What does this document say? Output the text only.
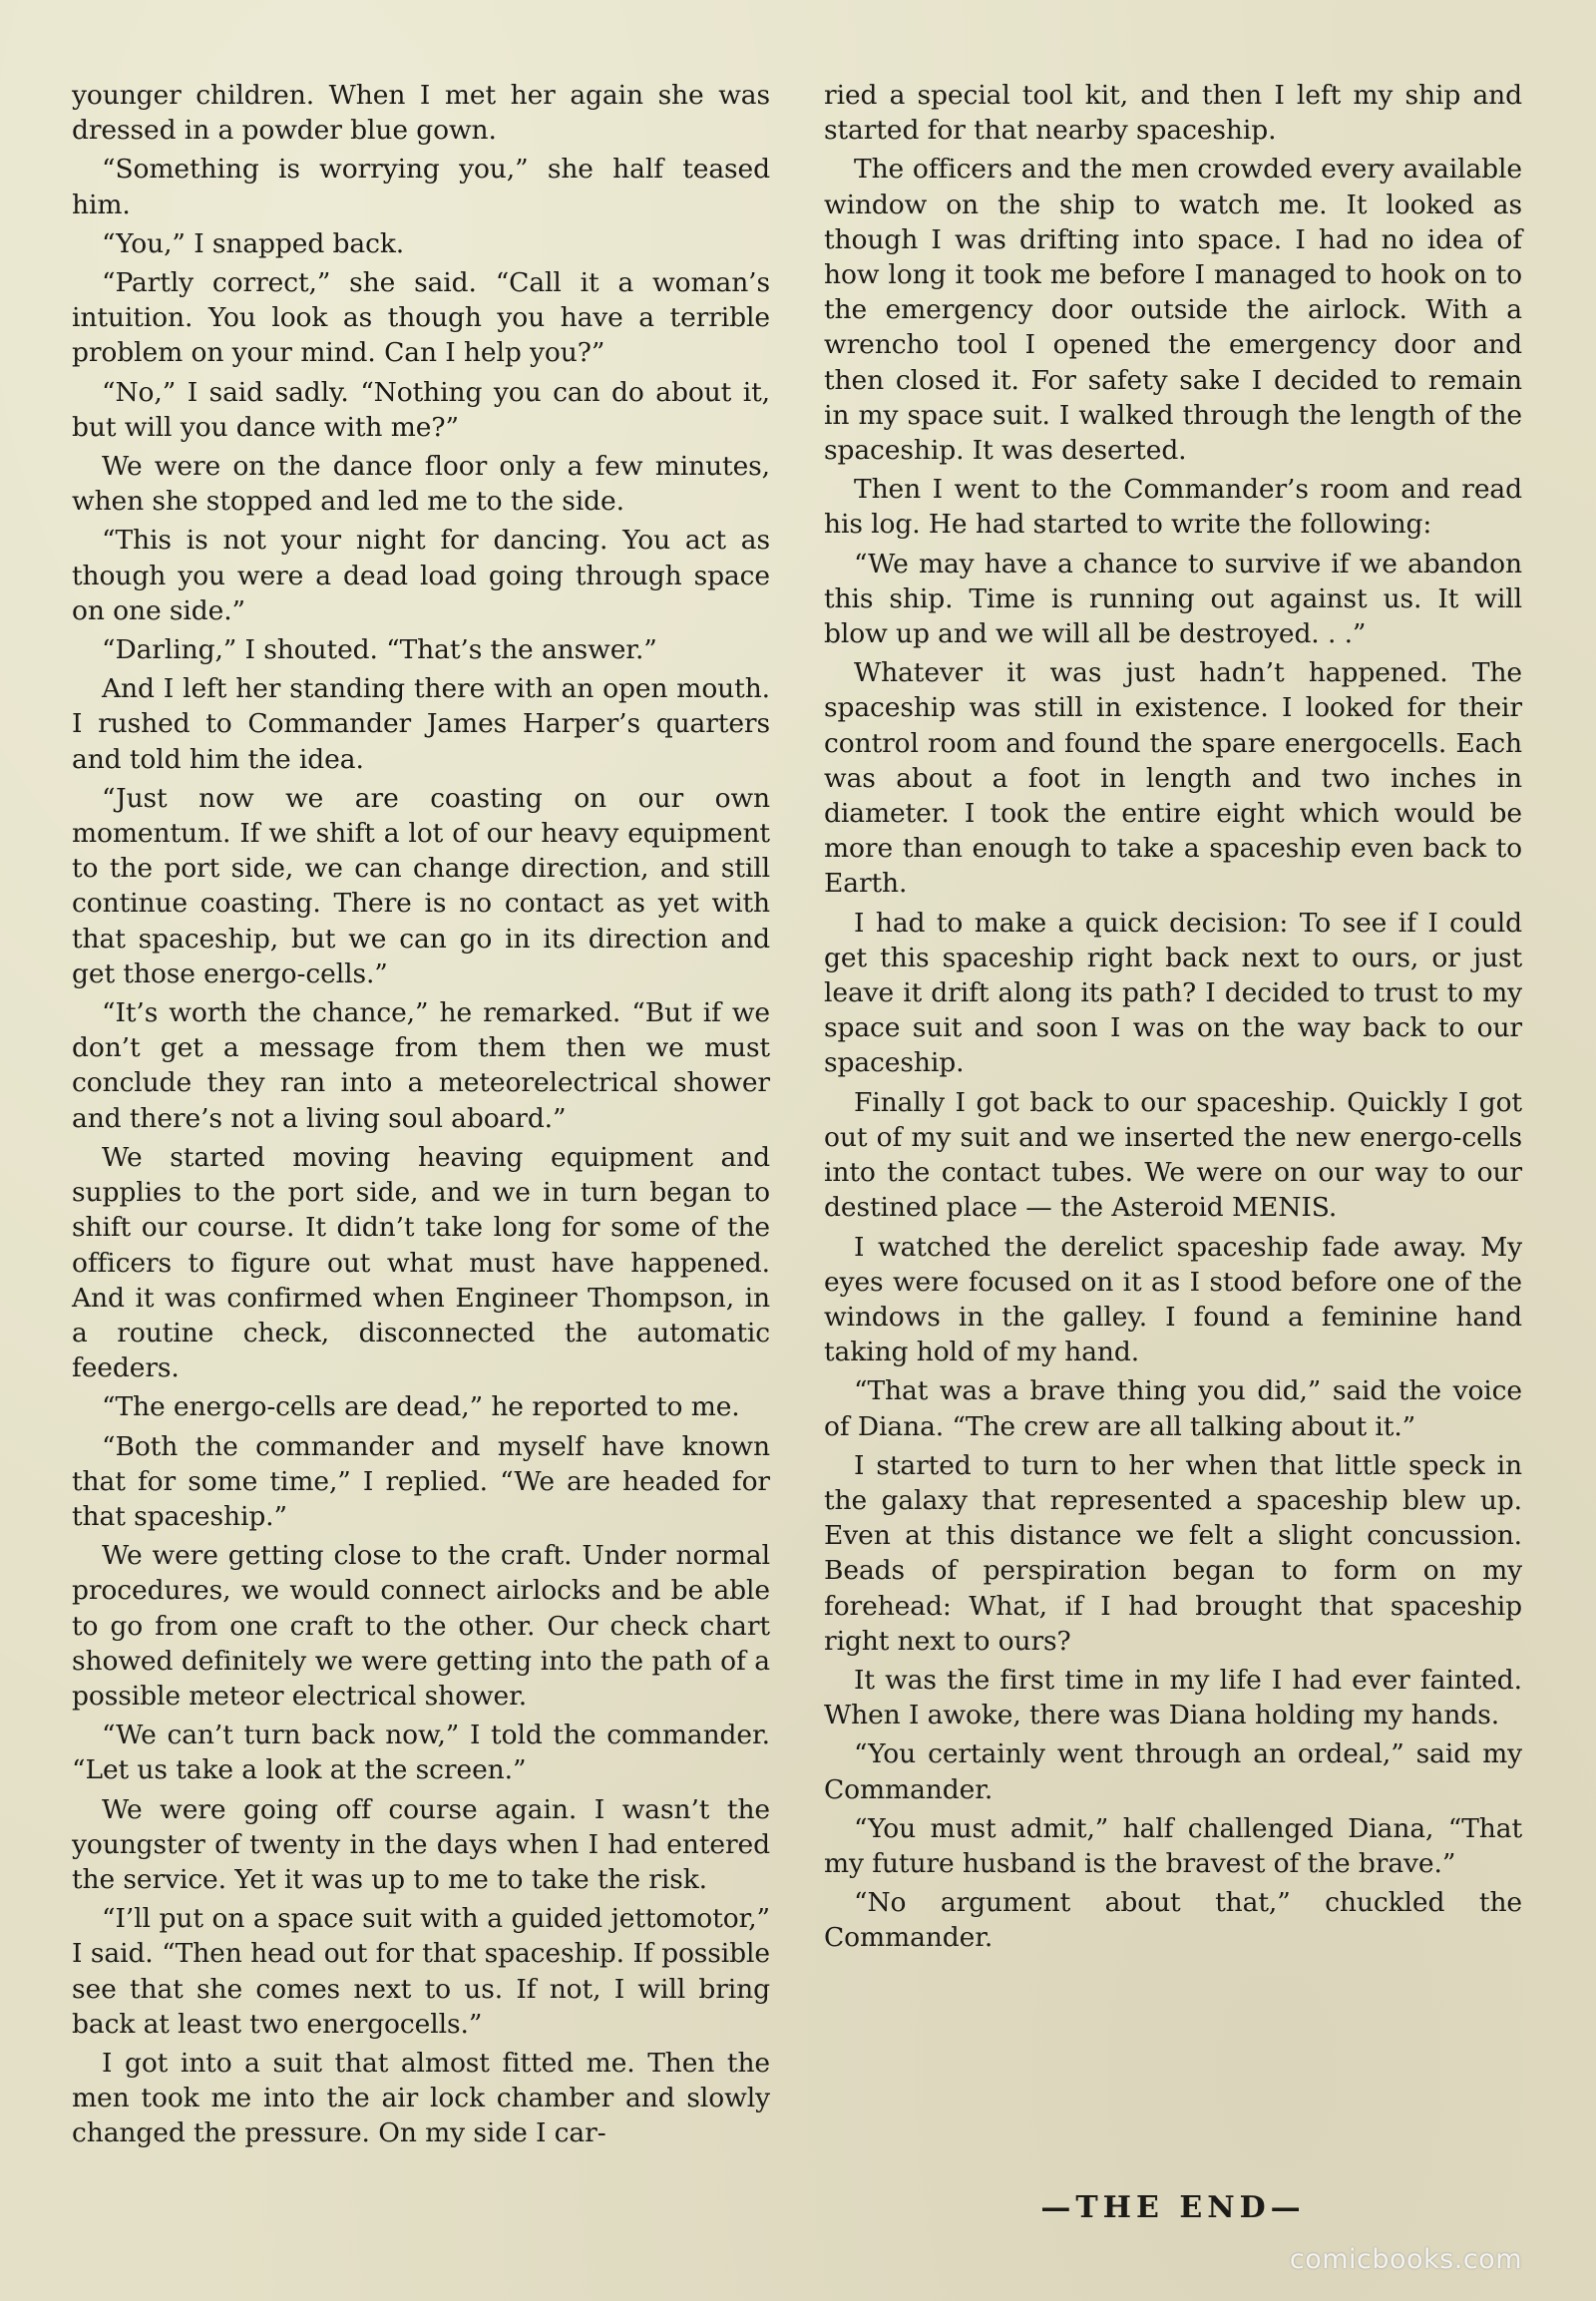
younger children. When I met her again she was dressed in a powder blue gown.

“Something is worrying you,” she half teased him.

“You,” I snapped back.

“Partly correct,” she said. “Call it a woman’s intuition. You look as though you have a terrible problem on your mind. Can I help you?”

“No,” I said sadly. “Nothing you can do about it, but will you dance with me?”

We were on the dance floor only a few minutes, when she stopped and led me to the side.

“This is not your night for dancing. You act as though you were a dead load going through space on one side.”

“Darling,” I shouted. “That’s the answer.”

And I left her standing there with an open mouth. I rushed to Commander James Harper’s quarters and told him the idea.

“Just now we are coasting on our own momentum. If we shift a lot of our heavy equipment to the port side, we can change direction, and still continue coasting. There is no contact as yet with that spaceship, but we can go in its direction and get those energo-cells.”

“It’s worth the chance,” he remarked. “But if we don’t get a message from them then we must conclude they ran into a meteorelectrical shower and there’s not a living soul aboard.”

We started moving heaving equipment and supplies to the port side, and we in turn began to shift our course. It didn’t take long for some of the officers to figure out what must have happened. And it was confirmed when Engineer Thompson, in a routine check, disconnected the automatic feeders.

“The energo-cells are dead,” he reported to me.

“Both the commander and myself have known that for some time,” I replied. “We are headed for that spaceship.”

We were getting close to the craft. Under normal procedures, we would connect airlocks and be able to go from one craft to the other. Our check chart showed definitely we were getting into the path of a possible meteor electrical shower.

“We can’t turn back now,” I told the commander. “Let us take a look at the screen.”

We were going off course again. I wasn’t the youngster of twenty in the days when I had entered the service. Yet it was up to me to take the risk.

“I’ll put on a space suit with a guided jettomotor,” I said. “Then head out for that spaceship. If possible see that she comes next to us. If not, I will bring back at least two energocells.”

I got into a suit that almost fitted me. Then the men took me into the air lock chamber and slowly changed the pressure. On my side I car-

ried a special tool kit, and then I left my ship and started for that nearby spaceship.

The officers and the men crowded every available window on the ship to watch me. It looked as though I was drifting into space. I had no idea of how long it took me before I managed to hook on to the emergency door outside the airlock. With a wrencho tool I opened the emergency door and then closed it. For safety sake I decided to remain in my space suit. I walked through the length of the spaceship. It was deserted.

Then I went to the Commander’s room and read his log. He had started to write the following:

“We may have a chance to survive if we abandon this ship. Time is running out against us. It will blow up and we will all be destroyed. . .”

Whatever it was just hadn’t happened. The spaceship was still in existence. I looked for their control room and found the spare energocells. Each was about a foot in length and two inches in diameter. I took the entire eight which would be more than enough to take a spaceship even back to Earth.

I had to make a quick decision: To see if I could get this spaceship right back next to ours, or just leave it drift along its path? I decided to trust to my space suit and soon I was on the way back to our spaceship.

Finally I got back to our spaceship. Quickly I got out of my suit and we inserted the new energo-cells into the contact tubes. We were on our way to our destined place — the Asteroid MENIS.

I watched the derelict spaceship fade away. My eyes were focused on it as I stood before one of the windows in the galley. I found a feminine hand taking hold of my hand.

“That was a brave thing you did,” said the voice of Diana. “The crew are all talking about it.”

I started to turn to her when that little speck in the galaxy that represented a spaceship blew up. Even at this distance we felt a slight concussion. Beads of perspiration began to form on my forehead: What, if I had brought that spaceship right next to ours?

It was the first time in my life I had ever fainted. When I awoke, there was Diana holding my hands.

“You certainly went through an ordeal,” said my Commander.

“You must admit,” half challenged Diana, “That my future husband is the bravest of the brave.”

“No argument about that,” chuckled the Commander.

—THE END—
comicbooks.com
